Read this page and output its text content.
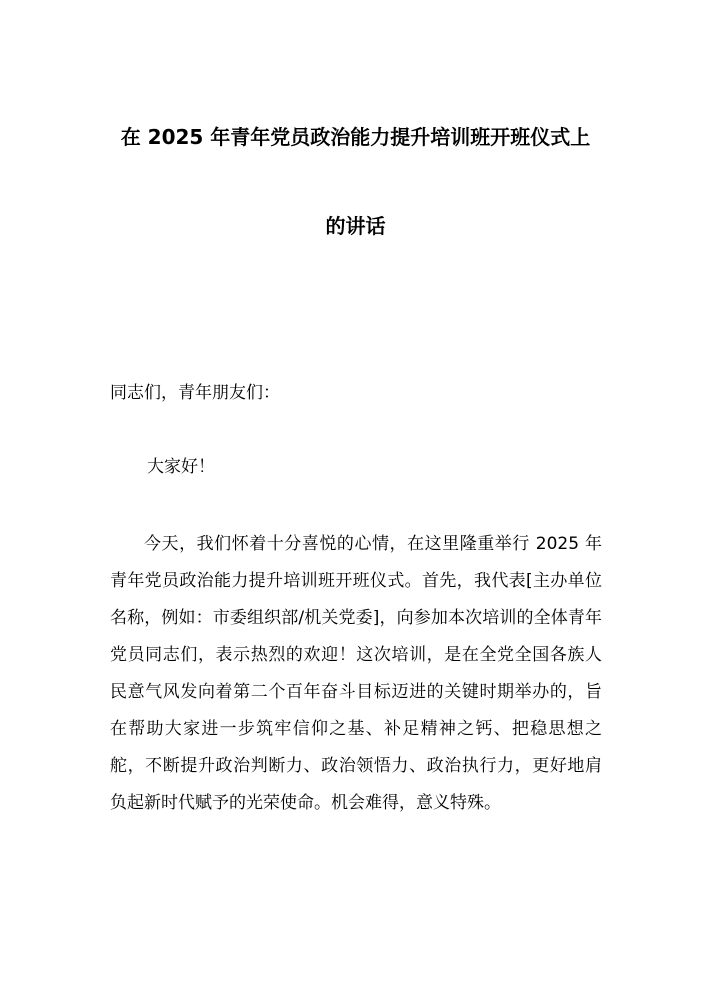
在 2025 年青年党员政治能力提升培训班开班仪式上
的讲话
同志们，青年朋友们：
大家好！
今天，我们怀着十分喜悦的心情，在这里隆重举行 2025 年青年党员政治能力提升培训班开班仪式。首先，我代表[主办单位名称，例如：市委组织部/机关党委]，向参加本次培训的全体青年党员同志们，表示热烈的欢迎！这次培训，是在全党全国各族人民意气风发向着第二个百年奋斗目标迈进的关键时期举办的，旨在帮助大家进一步筑牢信仰之基、补足精神之钙、把稳思想之舵，不断提升政治判断力、政治领悟力、政治执行力，更好地肩负起新时代赋予的光荣使命。机会难得，意义特殊。
